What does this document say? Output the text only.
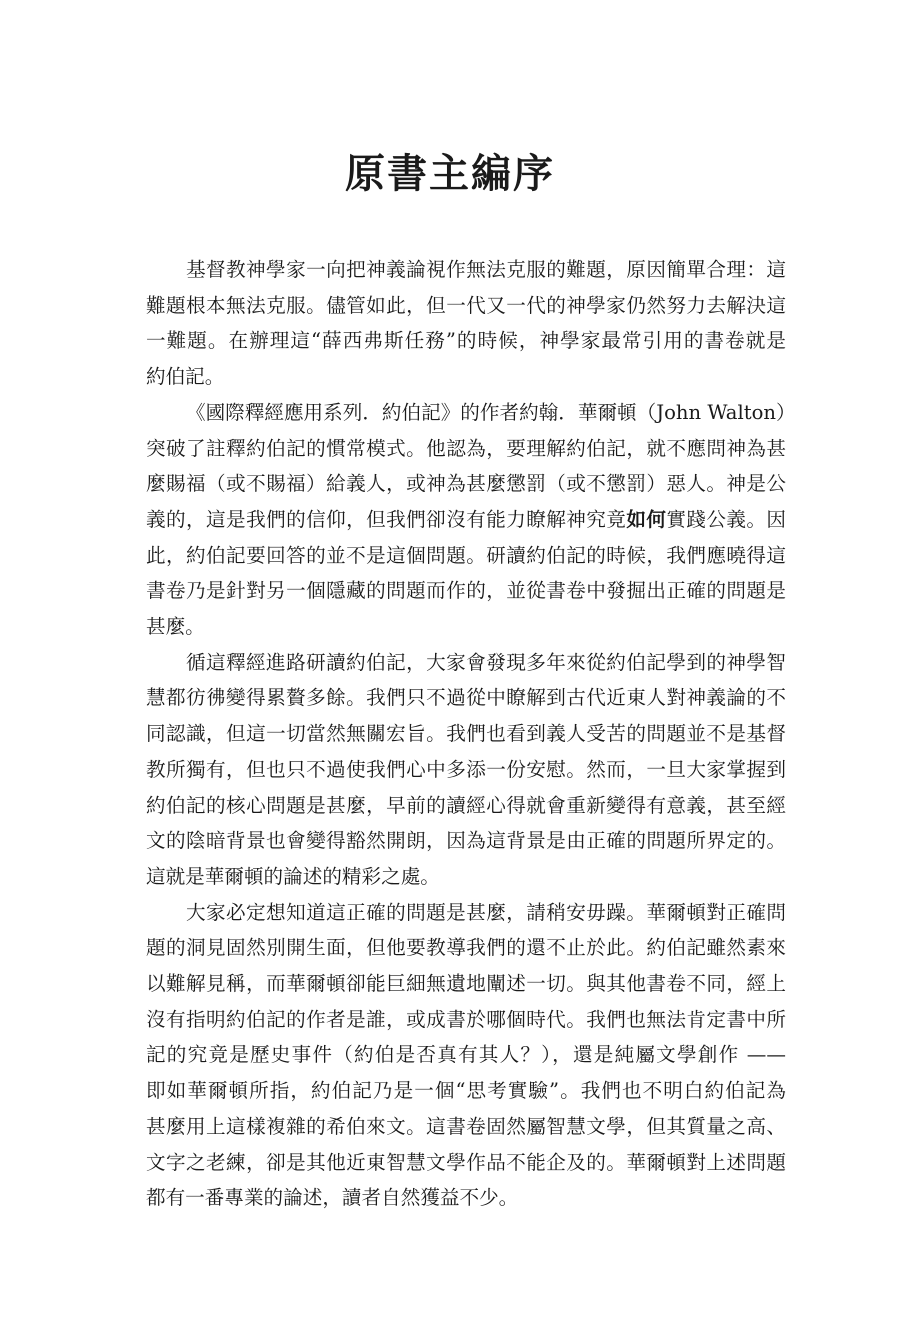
原書主編序

基督教神學家一向把神義論視作無法克服的難題，原因簡單合理：這
難題根本無法克服。儘管如此，但一代又一代的神學家仍然努力去解決這
一難題。在辦理這“薛西弗斯任務”的時候，神學家最常引用的書卷就是
約伯記。

《國際釋經應用系列．約伯記》的作者約翰．華爾頓（John Walton）
突破了註釋約伯記的慣常模式。他認為，要理解約伯記，就不應問神為甚
麼賜福（或不賜福）給義人，或神為甚麼懲罰（或不懲罰）惡人。神是公
義的，這是我們的信仰，但我們卻沒有能力瞭解神究竟如何實踐公義。因
此，約伯記要回答的並不是這個問題。研讀約伯記的時候，我們應曉得這
書卷乃是針對另一個隱藏的問題而作的，並從書卷中發掘出正確的問題是
甚麼。

循這釋經進路研讀約伯記，大家會發現多年來從約伯記學到的神學智
慧都彷彿變得累贅多餘。我們只不過從中瞭解到古代近東人對神義論的不
同認識，但這一切當然無關宏旨。我們也看到義人受苦的問題並不是基督
教所獨有，但也只不過使我們心中多添一份安慰。然而，一旦大家掌握到
約伯記的核心問題是甚麼，早前的讀經心得就會重新變得有意義，甚至經
文的陰暗背景也會變得豁然開朗，因為這背景是由正確的問題所界定的。
這就是華爾頓的論述的精彩之處。

大家必定想知道這正確的問題是甚麼，請稍安毋躁。華爾頓對正確問
題的洞見固然別開生面，但他要教導我們的還不止於此。約伯記雖然素來
以難解見稱，而華爾頓卻能巨細無遺地闡述一切。與其他書卷不同，經上
沒有指明約伯記的作者是誰，或成書於哪個時代。我們也無法肯定書中所
記的究竟是歷史事件（約伯是否真有其人？），還是純屬文學創作 ——
即如華爾頓所指，約伯記乃是一個“思考實驗”。我們也不明白約伯記為
甚麼用上這樣複雜的希伯來文。這書卷固然屬智慧文學，但其質量之高、
文字之老練，卻是其他近東智慧文學作品不能企及的。華爾頓對上述問題
都有一番專業的論述，讀者自然獲益不少。
